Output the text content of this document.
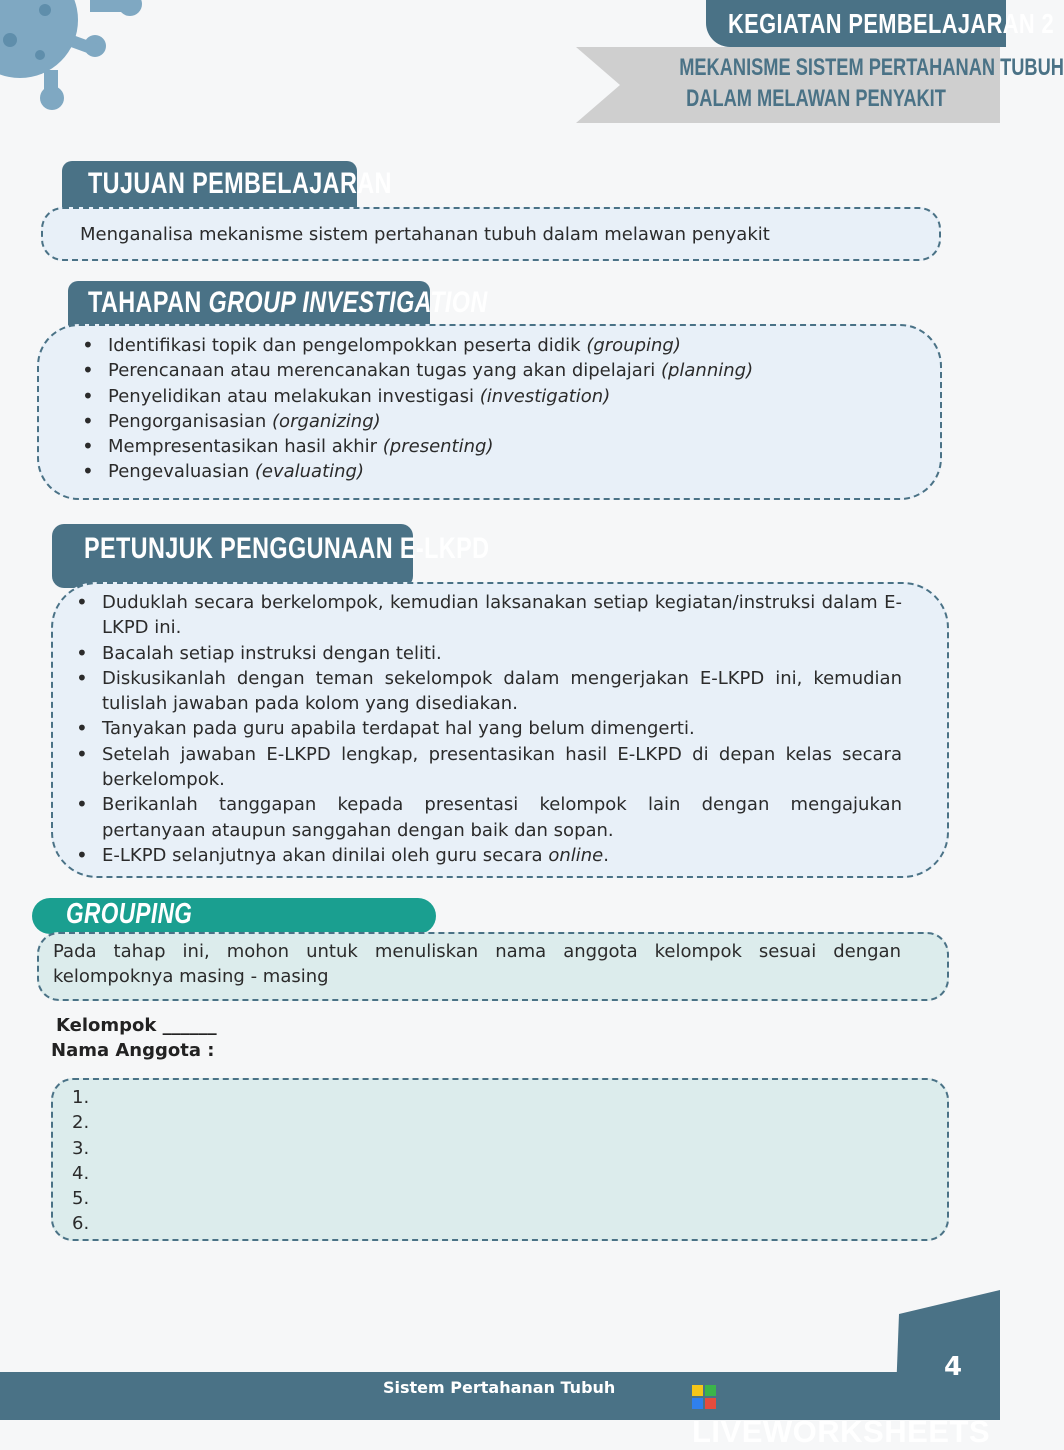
KEGIATAN PEMBELAJARAN 2
MEKANISME SISTEM PERTAHANAN TUBUH
DALAM MELAWAN PENYAKIT
TUJUAN PEMBELAJARAN
Menganalisa mekanisme sistem pertahanan tubuh dalam melawan penyakit
TAHAPAN GROUP INVESTIGATION
• Identifikasi topik dan pengelompokkan peserta didik (grouping)
• Perencanaan atau merencanakan tugas yang akan dipelajari (planning)
• Penyelidikan atau melakukan investigasi (investigation)
• Pengorganisasian (organizing)
• Mempresentasikan hasil akhir (presenting)
• Pengevaluasian (evaluating)
PETUNJUK PENGGUNAAN E-LKPD
• Duduklah secara berkelompok, kemudian laksanakan setiap kegiatan/instruksi dalam E-LKPD ini.
• Bacalah setiap instruksi dengan teliti.
• Diskusikanlah dengan teman sekelompok dalam mengerjakan E-LKPD ini, kemudian tulislah jawaban pada kolom yang disediakan.
• Tanyakan pada guru apabila terdapat hal yang belum dimengerti.
• Setelah jawaban E-LKPD lengkap, presentasikan hasil E-LKPD di depan kelas secara berkelompok.
• Berikanlah tanggapan kepada presentasi kelompok lain dengan mengajukan pertanyaan ataupun sanggahan dengan baik dan sopan.
• E-LKPD selanjutnya akan dinilai oleh guru secara online.
GROUPING
Pada tahap ini, mohon untuk menuliskan nama anggota kelompok sesuai dengan kelompoknya masing - masing
Kelompok ______
Nama Anggota :
1.
2.
3.
4.
5.
6.
4
Sistem Pertahanan Tubuh
LIVEWORKSHEETS
